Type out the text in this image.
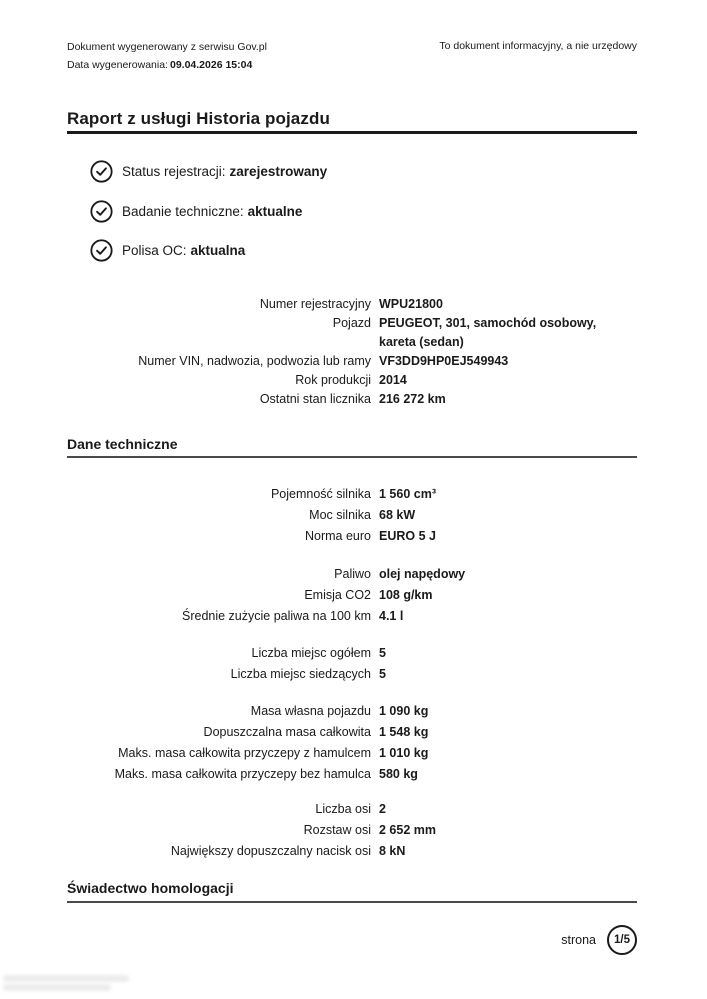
Dokument wygenerowany z serwisu Gov.pl
Data wygenerowania: 09.04.2026 15:04
To dokument informacyjny, a nie urzędowy
Raport z usługi Historia pojazdu
Status rejestracji: zarejestrowany
Badanie techniczne: aktualne
Polisa OC: aktualna
Numer rejestracyjny WPU21800
Pojazd PEUGEOT, 301, samochód osobowy, kareta (sedan)
Numer VIN, nadwozia, podwozia lub ramy VF3DD9HP0EJ549943
Rok produkcji 2014
Ostatni stan licznika 216 272 km
Dane techniczne
Pojemność silnika 1 560 cm³
Moc silnika 68 kW
Norma euro EURO 5 J
Paliwo olej napędowy
Emisja CO2 108 g/km
Średnie zużycie paliwa na 100 km 4.1 l
Liczba miejsc ogółem 5
Liczba miejsc siedzących 5
Masa własna pojazdu 1 090 kg
Dopuszczalna masa całkowita 1 548 kg
Maks. masa całkowita przyczepy z hamulcem 1 010 kg
Maks. masa całkowita przyczepy bez hamulca 580 kg
Liczba osi 2
Rozstaw osi 2 652 mm
Największy dopuszczalny nacisk osi 8 kN
Świadectwo homologacji
strona	1/5
